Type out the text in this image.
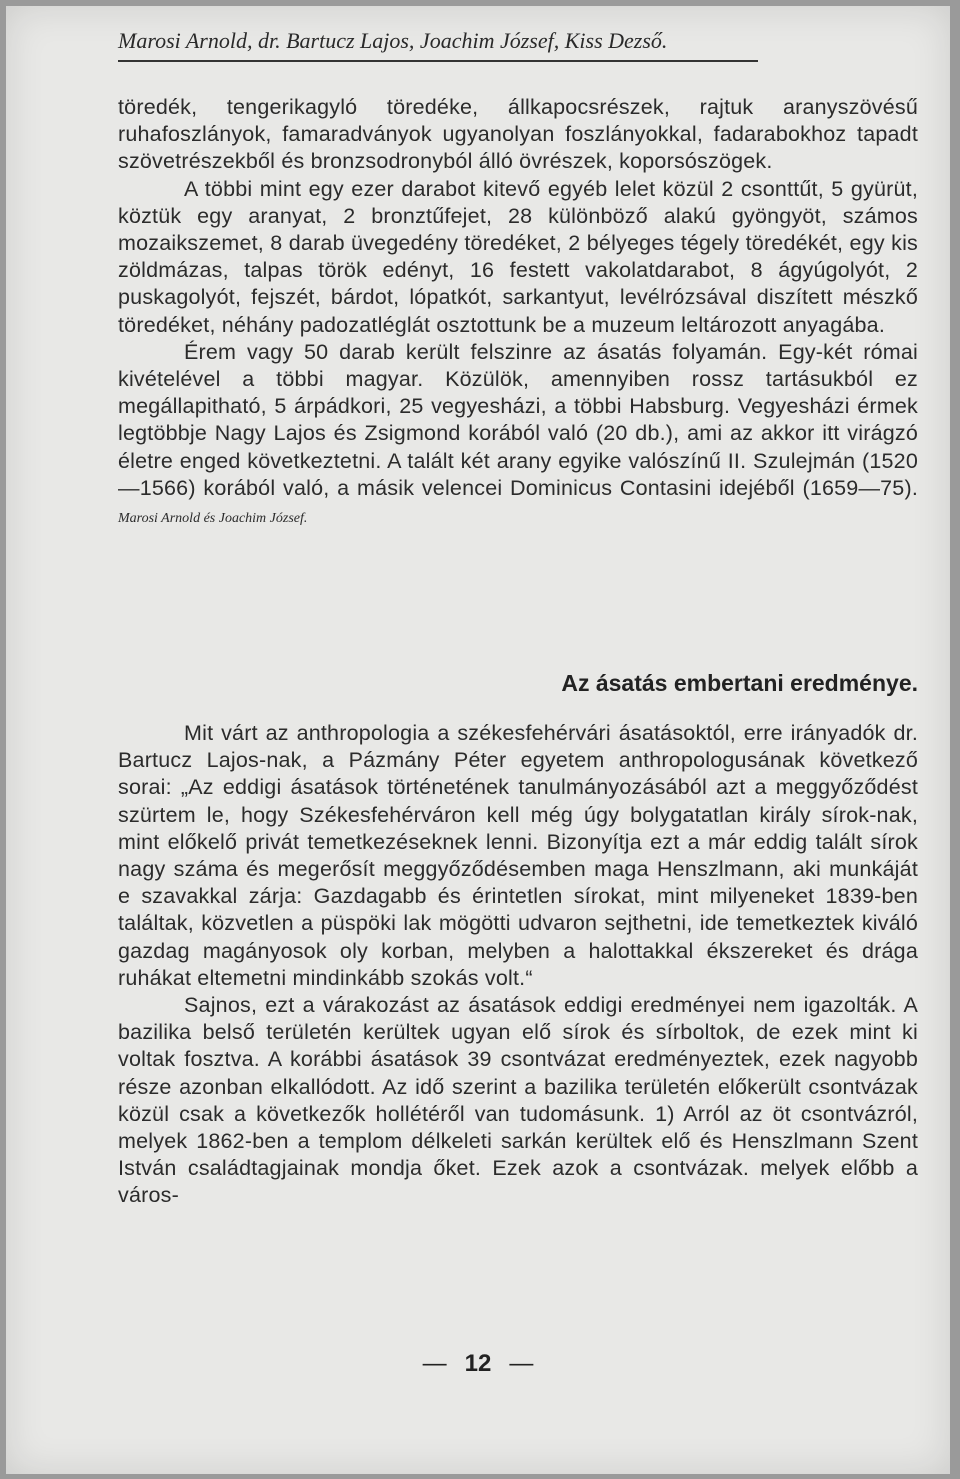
Marosi Arnold, dr. Bartucz Lajos, Joachim József, Kiss Dezső.

töredék, tengerikagyló töredéke, állkapocsrészek, rajtuk aranyszövésű ruhafoszlányok, famaradványok ugyanolyan foszlányokkal, fadarabokhoz tapadt szövetrészekből és bronzsodronyból álló övrészek, koporsószögek.

A többi mint egy ezer darabot kitevő egyéb lelet közül 2 csonttűt, 5 gyürüt, köztük egy aranyat, 2 bronztűfejet, 28 különböző alakú gyöngyöt, számos mozaikszemet, 8 darab üvegedény töredéket, 2 bélyeges tégely töredékét, egy kis zöldmázas, talpas török edényt, 16 festett vakolatdarabot, 8 ágyúgolyót, 2 puskagolyót, fejszét, bárdot, lópatkót, sarkantyut, levélrózsával diszített mészkő töredéket, néhány padozatléglát osztottunk be a muzeum leltározott anyagába.

Érem vagy 50 darab került felszinre az ásatás folyamán. Egy-két római kivételével a többi magyar. Közülök, amennyiben rossz tartásukból ez megállapitható, 5 árpádkori, 25 vegyesházi, a többi Habsburg. Vegyesházi érmek legtöbbje Nagy Lajos és Zsigmond korából való (20 db.), ami az akkor itt virágzó életre enged következtetni. A talált két arany egyike valószínű II. Szulejmán (1520—1566) korából való, a másik velencei Dominicus Contasini idejéből (1659—75). Marosi Arnold és Joachim József.

Az ásatás embertani eredménye.

Mit várt az anthropologia a székesfehérvári ásatásoktól, erre irányadók dr. Bartucz Lajos-nak, a Pázmány Péter egyetem anthropologusának következő sorai: „Az eddigi ásatások történetének tanulmányozásából azt a meggyőződést szürtem le, hogy Székesfehérváron kell még úgy bolygatatlan király sírok-nak, mint előkelő privát temetkezéseknek lenni. Bizonyítja ezt a már eddig talált sírok nagy száma és megerősít meggyőződésemben maga Henszlmann, aki munkáját e szavakkal zárja: Gazdagabb és érintetlen sírokat, mint milyeneket 1839-ben találtak, közvetlen a püspöki lak mögötti udvaron sejthetni, ide temetkeztek kiváló gazdag magányosok oly korban, melyben a halottakkal ékszereket és drága ruhákat eltemetni mindinkább szokás volt.“

Sajnos, ezt a várakozást az ásatások eddigi eredményei nem igazolták. A bazilika belső területén kerültek ugyan elő sírok és sírboltok, de ezek mint ki voltak fosztva. A korábbi ásatások 39 csontvázat eredményeztek, ezek nagyobb része azonban elkallódott. Az idő szerint a bazilika területén előkerült csontvázak közül csak a következők hollétéről van tudomásunk. 1) Arról az öt csontvázról, melyek 1862-ben a templom délkeleti sarkán kerültek elő és Henszlmann Szent István családtagjainak mondja őket. Ezek azok a csontvázak. melyek előbb a város-

— 12 —
